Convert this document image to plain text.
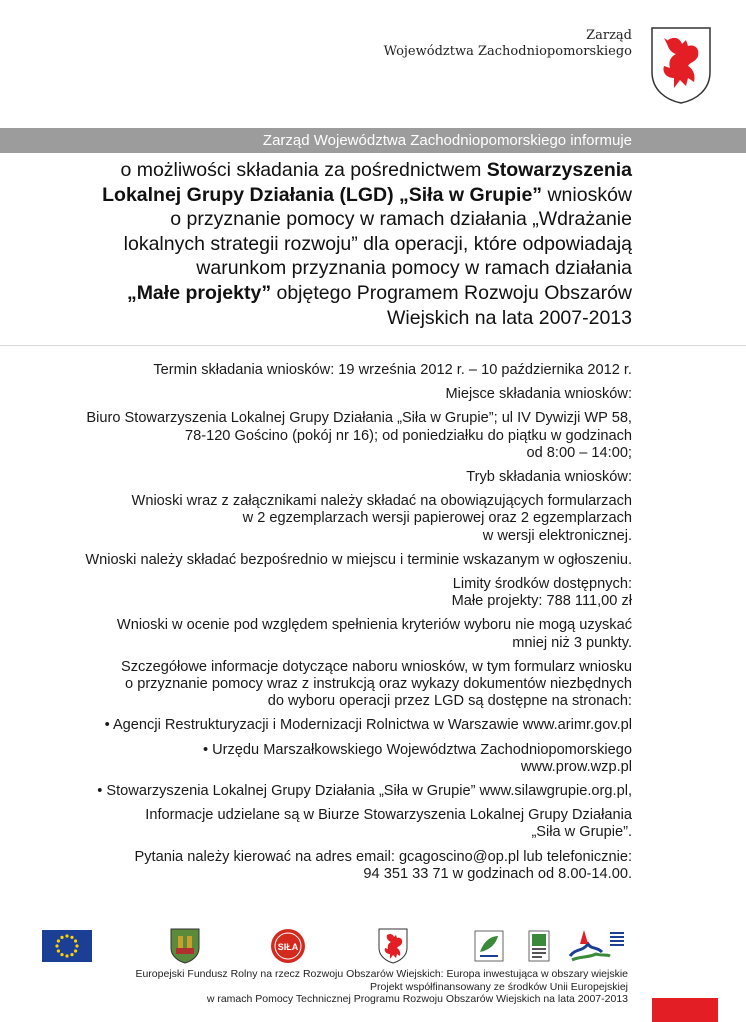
Zarząd
Województwa Zachodniopomorskiego
Zarząd Województwa Zachodniopomorskiego informuje
o możliwości składania za pośrednictwem Stowarzyszenia
Lokalnej Grupy Działania (LGD) „Siła w Grupie” wniosków
o przyznanie pomocy w ramach działania „Wdrażanie
lokalnych strategii rozwoju” dla operacji, które odpowiadają
warunkom przyznania pomocy w ramach działania
„Małe projekty” objętego Programem Rozwoju Obszarów
Wiejskich na lata 2007-2013

Termin składania wniosków: 19 września 2012 r. – 10 października 2012 r.

Miejsce składania wniosków:

Biuro Stowarzyszenia Lokalnej Grupy Działania „Siła w Grupie”; ul IV Dywizji WP 58,
78-120 Gościno (pokój nr 16); od poniedziałku do piątku w godzinach
od 8:00 – 14:00;

Tryb składania wniosków:

Wnioski wraz z załącznikami należy składać na obowiązujących formularzach
w 2 egzemplarzach wersji papierowej oraz 2 egzemplarzach
w wersji elektronicznej.

Wnioski należy składać bezpośrednio w miejscu i terminie wskazanym w ogłoszeniu.

Limity środków dostępnych:
Małe projekty: 788 111,00 zł

Wnioski w ocenie pod względem spełnienia kryteriów wyboru nie mogą uzyskać
mniej niż 3 punkty.

Szczegółowe informacje dotyczące naboru wniosków, w tym formularz wniosku
o przyznanie pomocy wraz z instrukcją oraz wykazy dokumentów niezbędnych
do wyboru operacji przez LGD są dostępne na stronach:

• Agencji Restrukturyzacji i Modernizacji Rolnictwa w Warszawie www.arimr.gov.pl

• Urzędu Marszałkowskiego Województwa Zachodniopomorskiego
www.prow.wzp.pl

• Stowarzyszenia Lokalnej Grupy Działania „Siła w Grupie” www.silawgrupie.org.pl,

Informacje udzielane są w Biurze Stowarzyszenia Lokalnej Grupy Działania
„Siła w Grupie”.

Pytania należy kierować na adres email: gcagoscino@op.pl lub telefonicznie:
94 351 33 71 w godzinach od 8.00-14.00.

SIŁA
Europejski Fundusz Rolny na rzecz Rozwoju Obszarów Wiejskich: Europa inwestująca w obszary wiejskie
Projekt współfinansowany ze środków Unii Europejskiej
w ramach Pomocy Technicznej Programu Rozwoju Obszarów Wiejskich na lata 2007-2013
